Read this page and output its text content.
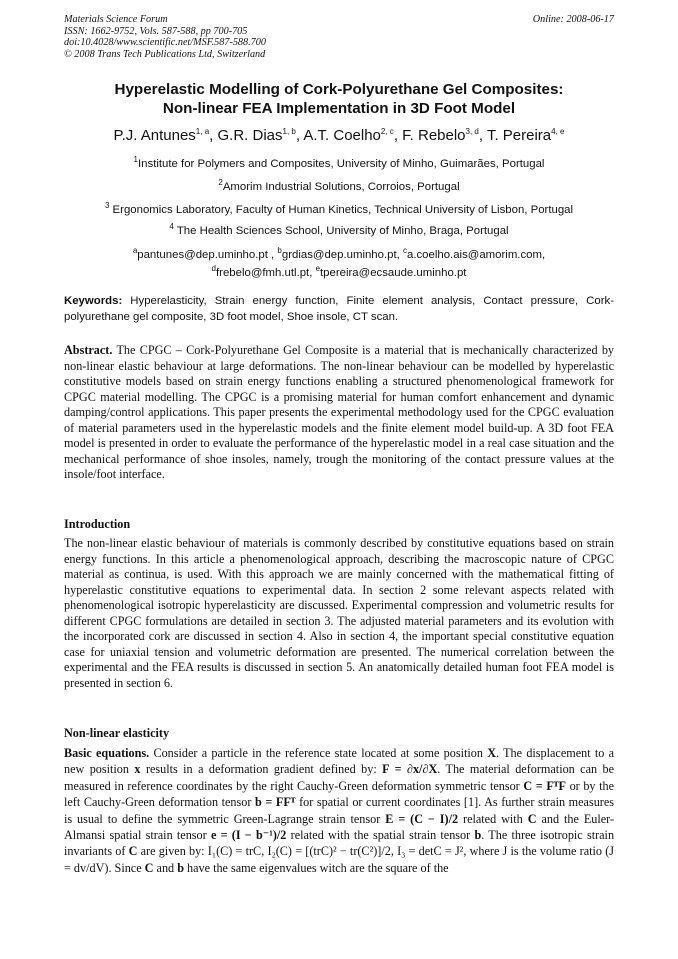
Materials Science Forum
ISSN: 1662-9752, Vols. 587-588, pp 700-705
doi:10.4028/www.scientific.net/MSF.587-588.700
© 2008 Trans Tech Publications Ltd, Switzerland
Online: 2008-06-17
Hyperelastic Modelling of Cork-Polyurethane Gel Composites:
Non-linear FEA Implementation in 3D Foot Model
P.J. Antunes$^{1, a}$, G.R. Dias$^{1, b}$, A.T. Coelho$^{2, c}$, F. Rebelo$^{3, d}$, T. Pereira$^{4, e}$
$^1$Institute for Polymers and Composites, University of Minho, Guimarães, Portugal
$^2$Amorim Industrial Solutions, Corroios, Portugal
$^3$ Ergonomics Laboratory, Faculty of Human Kinetics, Technical University of Lisbon, Portugal
$^4$ The Health Sciences School, University of Minho, Braga, Portugal
$^a$pantunes@dep.uminho.pt , $^b$grdias@dep.uminho.pt, $^c$a.coelho.ais@amorim.com,
$^d$frebelo@fmh.utl.pt, $^e$tpereira@ecsaude.uminho.pt
Keywords: Hyperelasticity, Strain energy function, Finite element analysis, Contact pressure, Cork-polyurethane gel composite, 3D foot model, Shoe insole, CT scan.
Abstract. The CPGC – Cork-Polyurethane Gel Composite is a material that is mechanically characterized by non-linear elastic behaviour at large deformations. The non-linear behaviour can be modelled by hyperelastic constitutive models based on strain energy functions enabling a structured phenomenological framework for CPGC material modelling. The CPGC is a promising material for human comfort enhancement and dynamic damping/control applications. This paper presents the experimental methodology used for the CPGC evaluation of material parameters used in the hyperelastic models and the finite element model build-up. A 3D foot FEA model is presented in order to evaluate the performance of the hyperelastic model in a real case situation and the mechanical performance of shoe insoles, namely, trough the monitoring of the contact pressure values at the insole/foot interface.
Introduction
The non-linear elastic behaviour of materials is commonly described by constitutive equations based on strain energy functions. In this article a phenomenological approach, describing the macroscopic nature of CPGC material as continua, is used. With this approach we are mainly concerned with the mathematical fitting of hyperelastic constitutive equations to experimental data. In section 2 some relevant aspects related with phenomenological isotropic hyperelasticity are discussed. Experimental compression and volumetric results for different CPGC formulations are detailed in section 3. The adjusted material parameters and its evolution with the incorporated cork are discussed in section 4. Also in section 4, the important special constitutive equation case for uniaxial tension and volumetric deformation are presented. The numerical correlation between the experimental and the FEA results is discussed in section 5. An anatomically detailed human foot FEA model is presented in section 6.
Non-linear elasticity
Basic equations. Consider a particle in the reference state located at some position X. The displacement to a new position x results in a deformation gradient defined by: F = ∂x/∂X. The material deformation can be measured in reference coordinates by the right Cauchy-Green deformation symmetric tensor C = FᵀF or by the left Cauchy-Green deformation tensor b = FFᵀ for spatial or current coordinates [1]. As further strain measures is usual to define the symmetric Green-Lagrange strain tensor E = (C − I)/2 related with C and the Euler-Almansi spatial strain tensor e = (I − b⁻¹)/2 related with the spatial strain tensor b. The three isotropic strain invariants of C are given by: I₁(C) = trC, I₂(C) = [(trC)² − tr(C²)]/2, I₃ = detC = J², where J is the volume ratio (J = dv/dV). Since C and b have the same eigenvalues witch are the square of the
